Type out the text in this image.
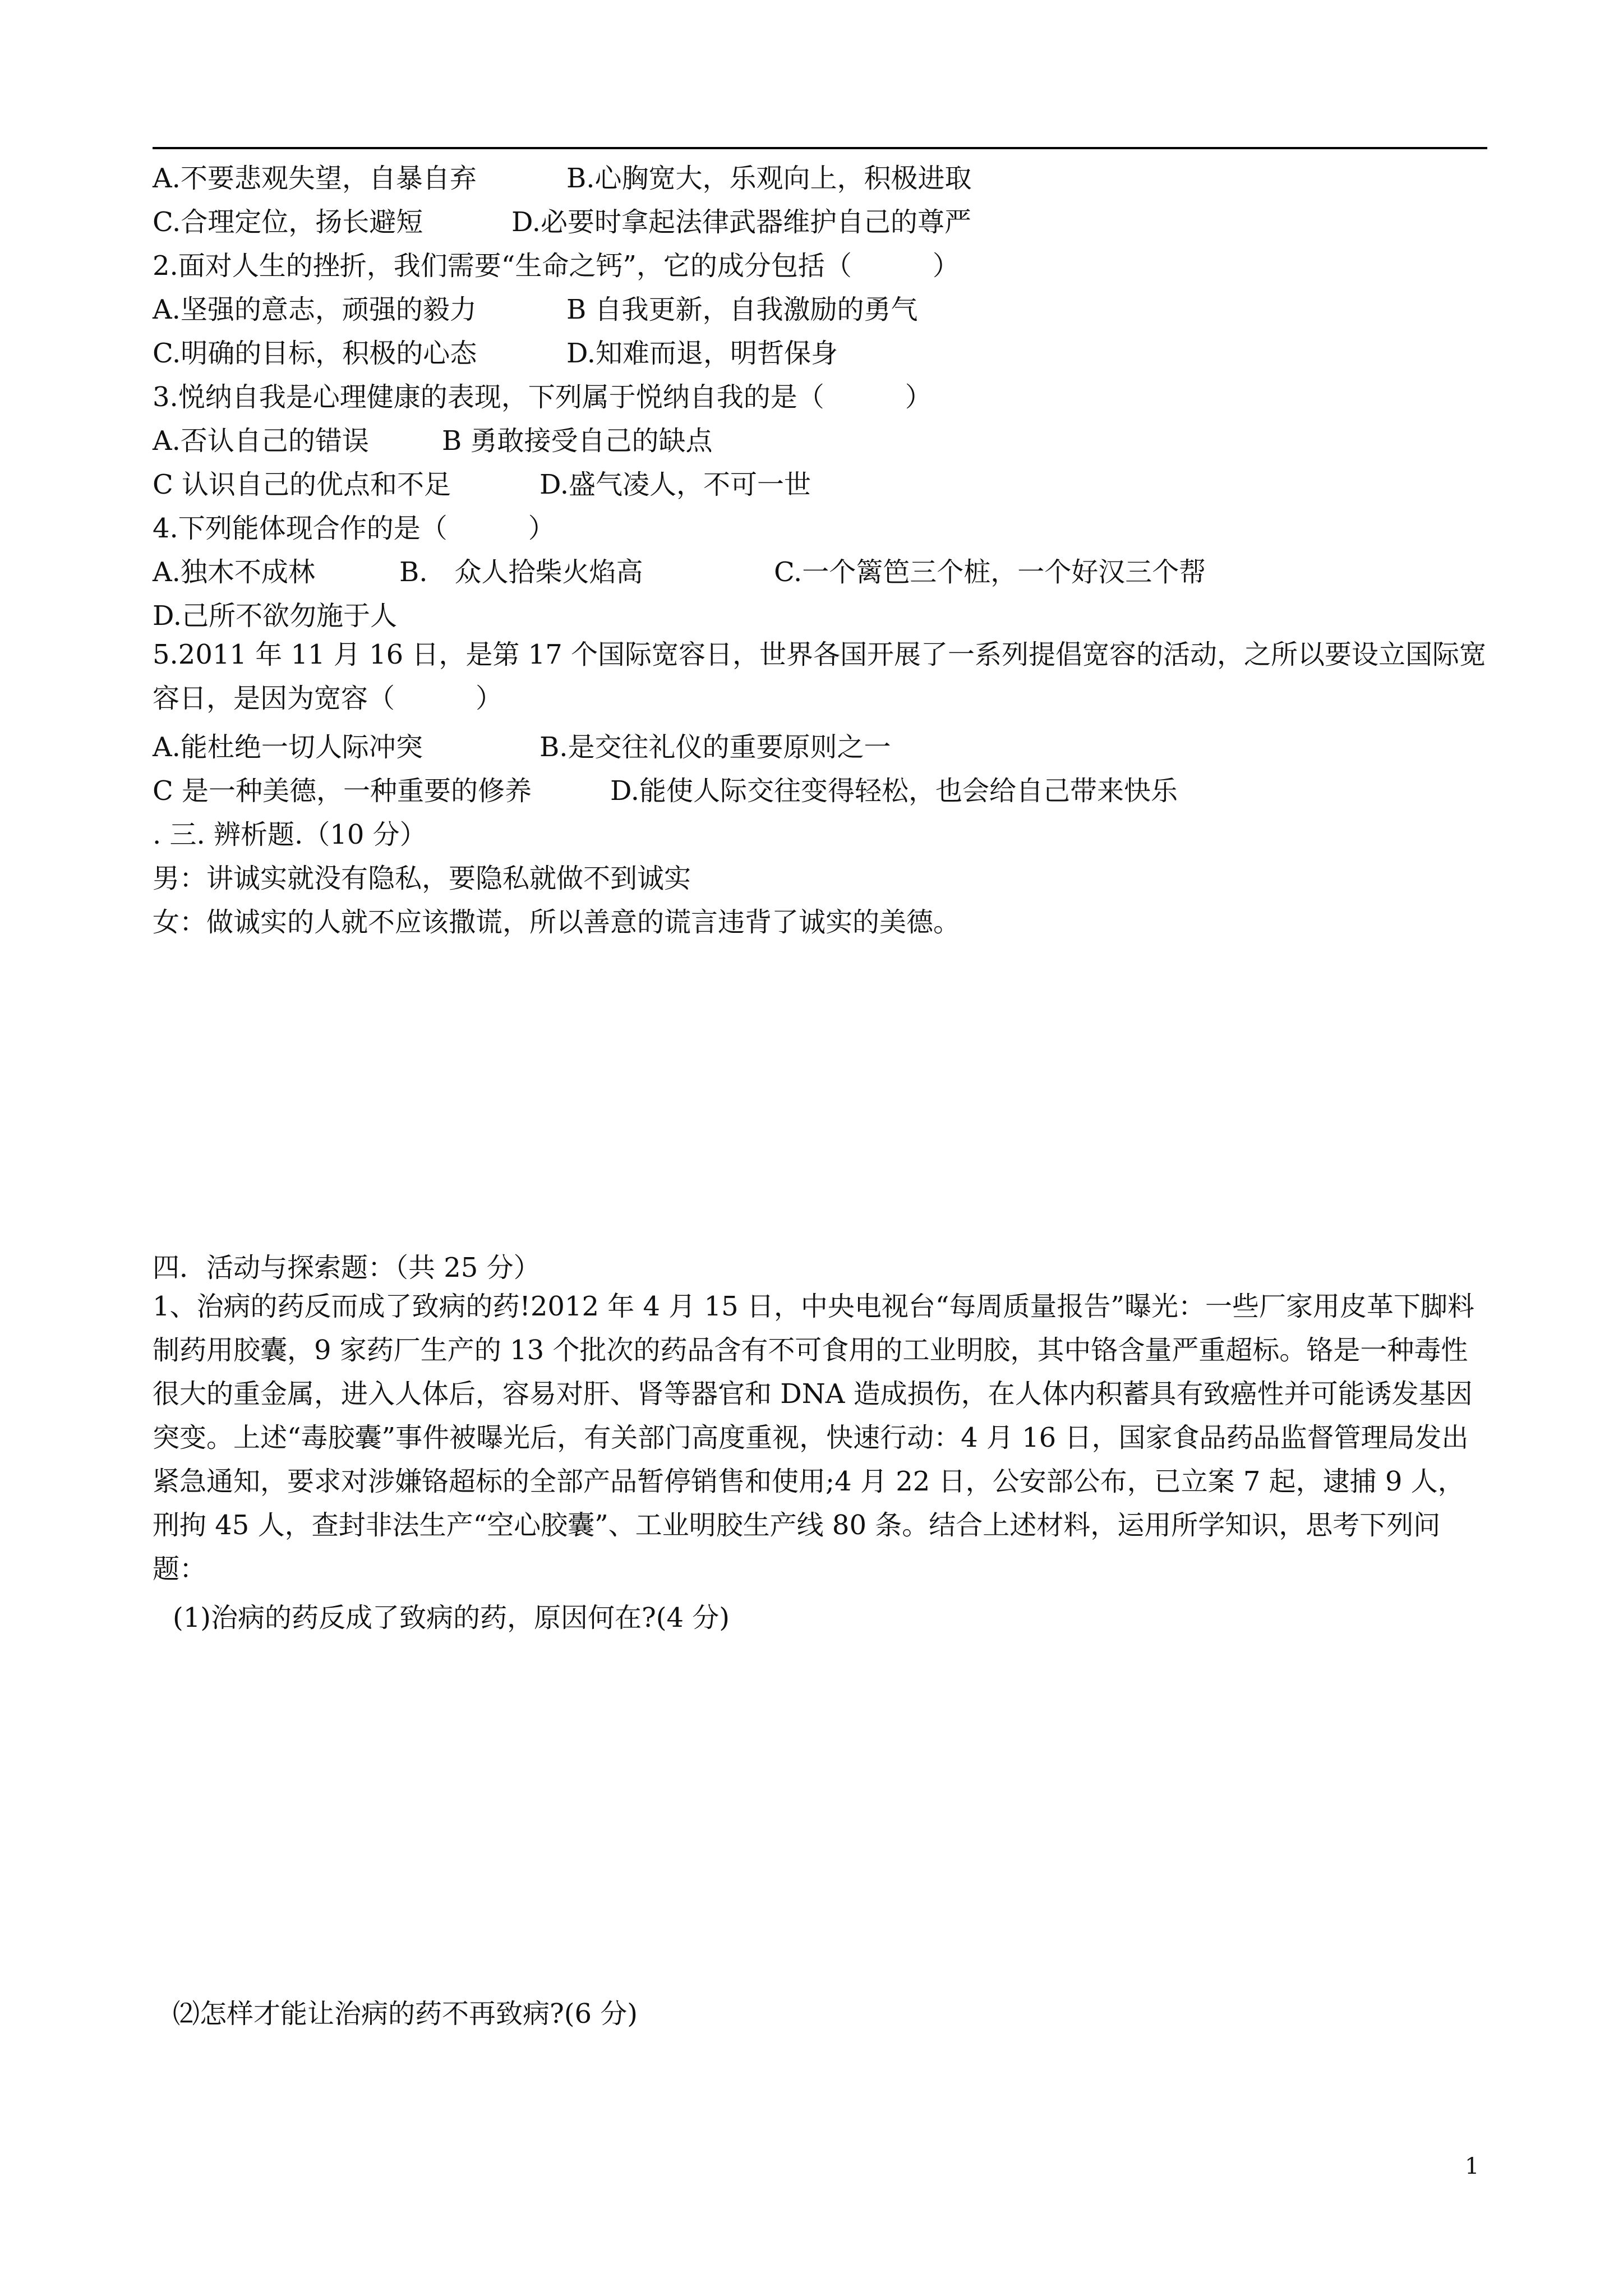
A.不要悲观失望，自暴自弃	B.心胸宽大，乐观向上，积极进取
C.合理定位，扬长避短	D.必要时拿起法律武器维护自己的尊严
2.面对人生的挫折，我们需要“生命之钙”，它的成分包括（　　　）
A.坚强的意志，顽强的毅力	B 自我更新，自我激励的勇气
C.明确的目标，积极的心态	D.知难而退，明哲保身
3.悦纳自我是心理健康的表现，下列属于悦纳自我的是（　　　）
A.否认自己的错误	B 勇敢接受自己的缺点
C 认识自己的优点和不足	D.盛气凌人，不可一世
4.下列能体现合作的是（　　　）
A.独木不成林	B.　众人拾柴火焰高	C.一个篱笆三个桩，一个好汉三个帮
D.己所不欲勿施于人
5.2011 年 11 月 16 日，是第 17 个国际宽容日，世界各国开展了一系列提倡宽容的活动，之所以要设立国际宽容日，是因为宽容（　　　）
A.能杜绝一切人际冲突	B.是交往礼仪的重要原则之一
C 是一种美德，一种重要的修养	D.能使人际交往变得轻松，也会给自己带来快乐
. 三. 辨析题.（10 分）
男：讲诚实就没有隐私，要隐私就做不到诚实
女：做诚实的人就不应该撒谎，所以善意的谎言违背了诚实的美德。
四．活动与探索题：（共 25 分）
1、治病的药反而成了致病的药!2012 年 4 月 15 日，中央电视台“每周质量报告”曝光：一些厂家用皮革下脚料制药用胶囊，9 家药厂生产的 13 个批次的药品含有不可食用的工业明胶，其中铬含量严重超标。铬是一种毒性很大的重金属，进入人体后，容易对肝、肾等器官和 DNA 造成损伤，在人体内积蓄具有致癌性并可能诱发基因突变。上述“毒胶囊”事件被曝光后，有关部门高度重视，快速行动：4 月 16 日，国家食品药品监督管理局发出紧急通知，要求对涉嫌铬超标的全部产品暂停销售和使用;4 月 22 日，公安部公布，已立案 7 起，逮捕 9 人，刑拘 45 人，查封非法生产“空心胶囊”、工业明胶生产线 80 条。结合上述材料，运用所学知识，思考下列问题：
(1)治病的药反成了致病的药，原因何在?(4 分)
⑵怎样才能让治病的药不再致病?(6 分)
1
